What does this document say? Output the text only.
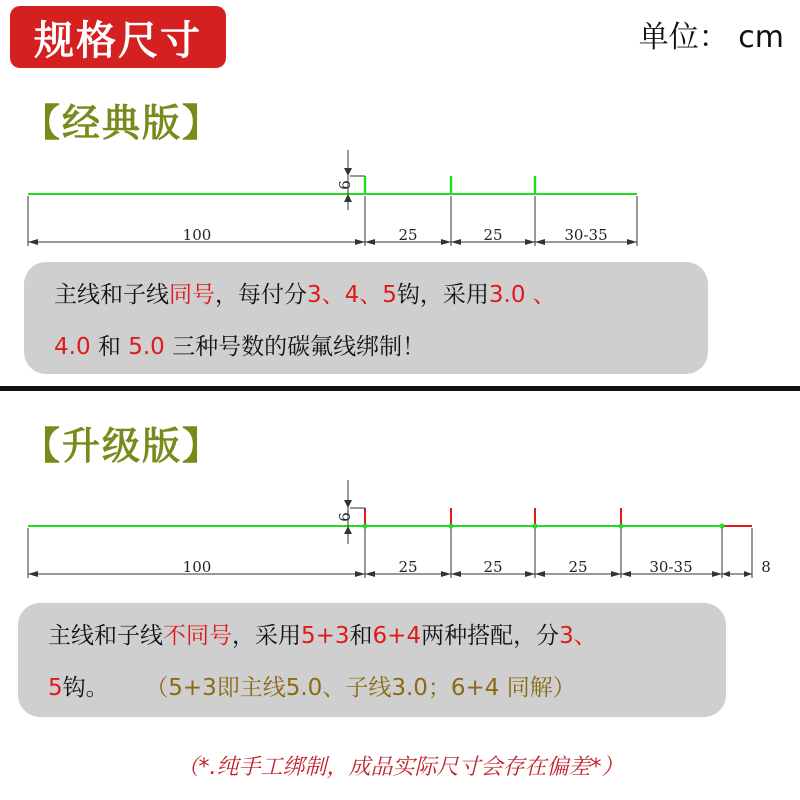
规格尺寸	单位： cm
【经典版】
6
100	25	25	30-35
主线和子线同号，每付分3、4、5钩，采用3.0 、
4.0 和 5.0 三种号数的碳氟线绑制！
【升级版】
6
100	25	25	25	30-35	8
主线和子线不同号，采用5+3和6+4两种搭配，分3、
5钩。 （5+3即主线5.0、子线3.0；6+4 同解）
（*.纯手工绑制，成品实际尺寸会存在偏差*）
